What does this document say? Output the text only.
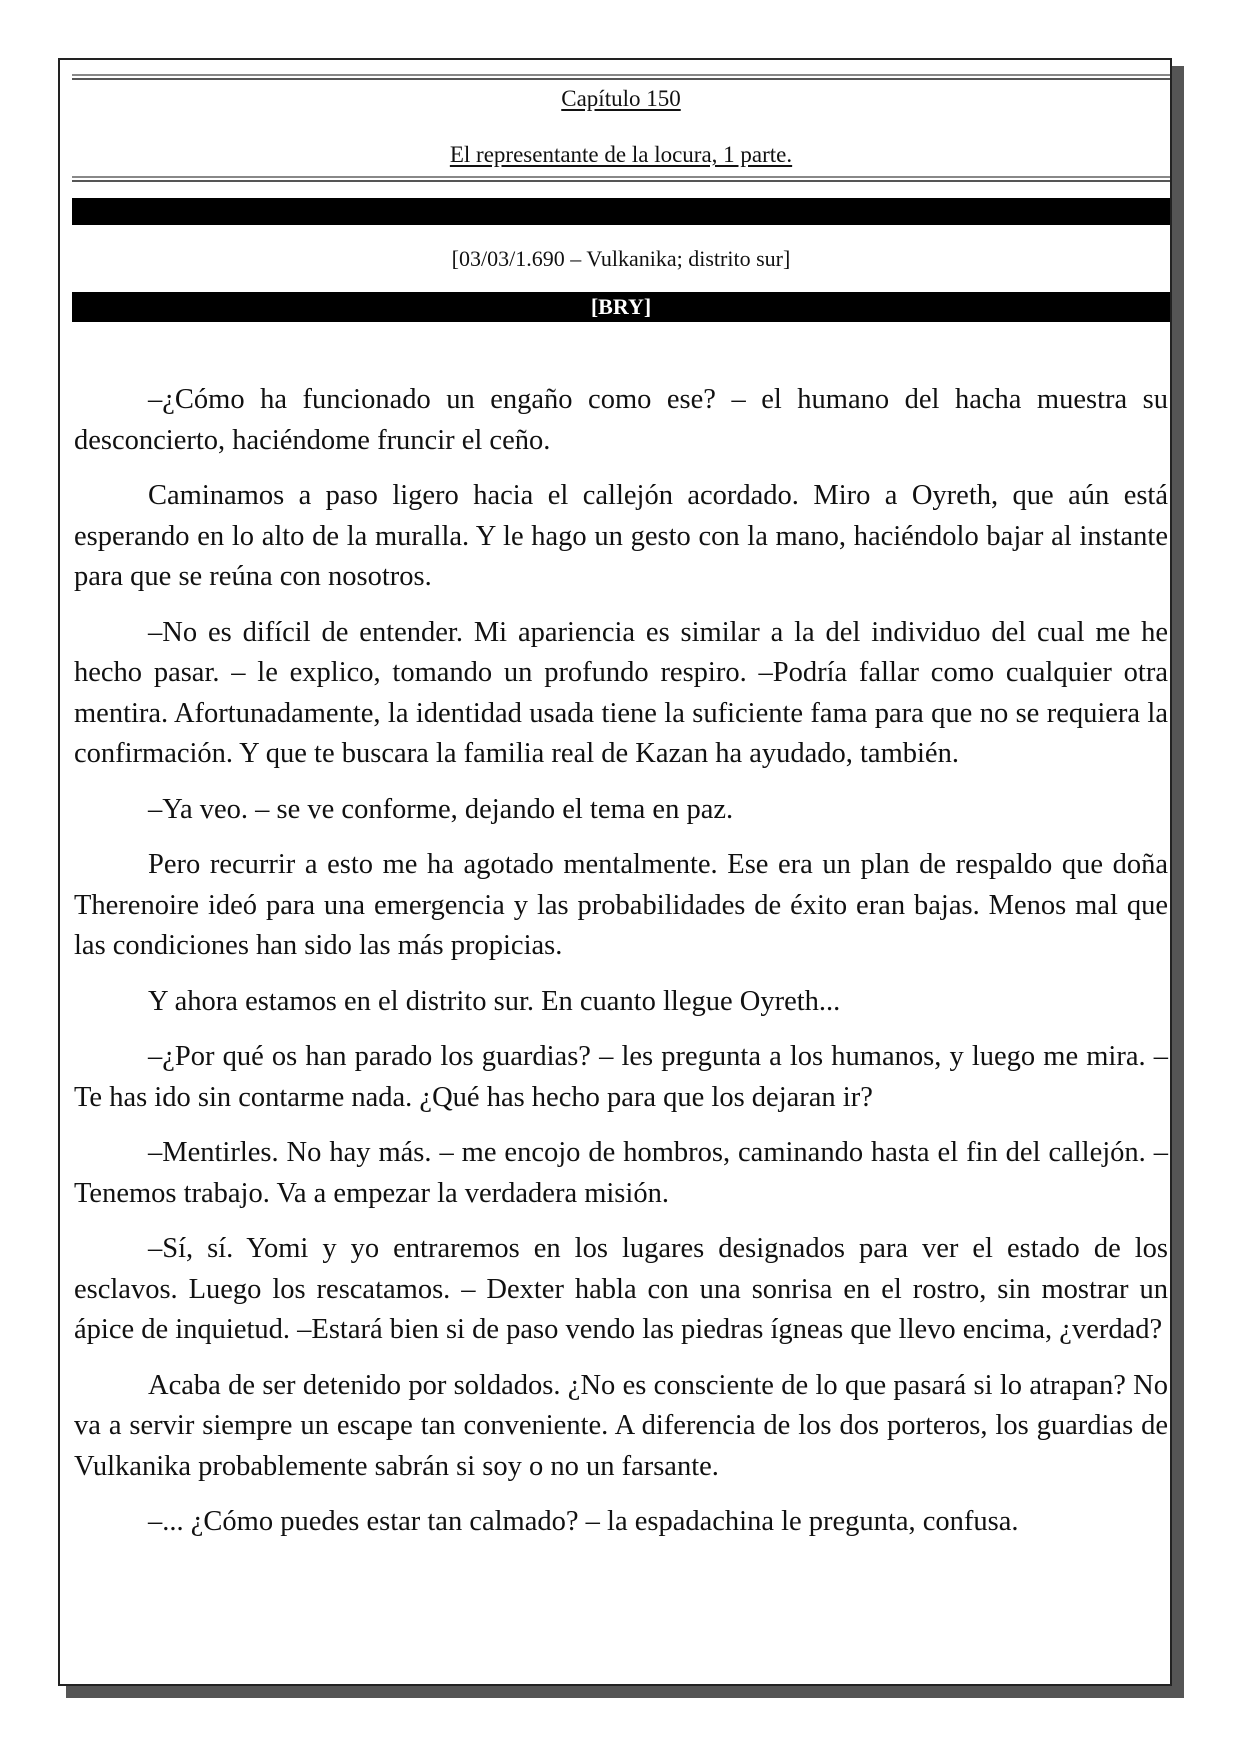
Capítulo 150
El representante de la locura, 1 parte.
[03/03/1.690 – Vulkanika; distrito sur]
[BRY]

–¿Cómo ha funcionado un engaño como ese? – el humano del hacha muestra su desconcierto, haciéndome fruncir el ceño.

Caminamos a paso ligero hacia el callejón acordado. Miro a Oyreth, que aún está esperando en lo alto de la muralla. Y le hago un gesto con la mano, haciéndolo bajar al instante para que se reúna con nosotros.

–No es difícil de entender. Mi apariencia es similar a la del individuo del cual me he hecho pasar. – le explico, tomando un profundo respiro. –Podría fallar como cualquier otra mentira. Afortunadamente, la identidad usada tiene la suficiente fama para que no se requiera la confirmación. Y que te buscara la familia real de Kazan ha ayudado, también.

–Ya veo. – se ve conforme, dejando el tema en paz.

Pero recurrir a esto me ha agotado mentalmente. Ese era un plan de respaldo que doña Therenoire ideó para una emergencia y las probabilidades de éxito eran bajas. Menos mal que las condiciones han sido las más propicias.

Y ahora estamos en el distrito sur. En cuanto llegue Oyreth...

–¿Por qué os han parado los guardias? – les pregunta a los humanos, y luego me mira. –Te has ido sin contarme nada. ¿Qué has hecho para que los dejaran ir?

–Mentirles. No hay más. – me encojo de hombros, caminando hasta el fin del callejón. –Tenemos trabajo. Va a empezar la verdadera misión.

–Sí, sí. Yomi y yo entraremos en los lugares designados para ver el estado de los esclavos. Luego los rescatamos. – Dexter habla con una sonrisa en el rostro, sin mostrar un ápice de inquietud. –Estará bien si de paso vendo las piedras ígneas que llevo encima, ¿verdad?

Acaba de ser detenido por soldados. ¿No es consciente de lo que pasará si lo atrapan? No va a servir siempre un escape tan conveniente. A diferencia de los dos porteros, los guardias de Vulkanika probablemente sabrán si soy o no un farsante.

–... ¿Cómo puedes estar tan calmado? – la espadachina le pregunta, confusa.
